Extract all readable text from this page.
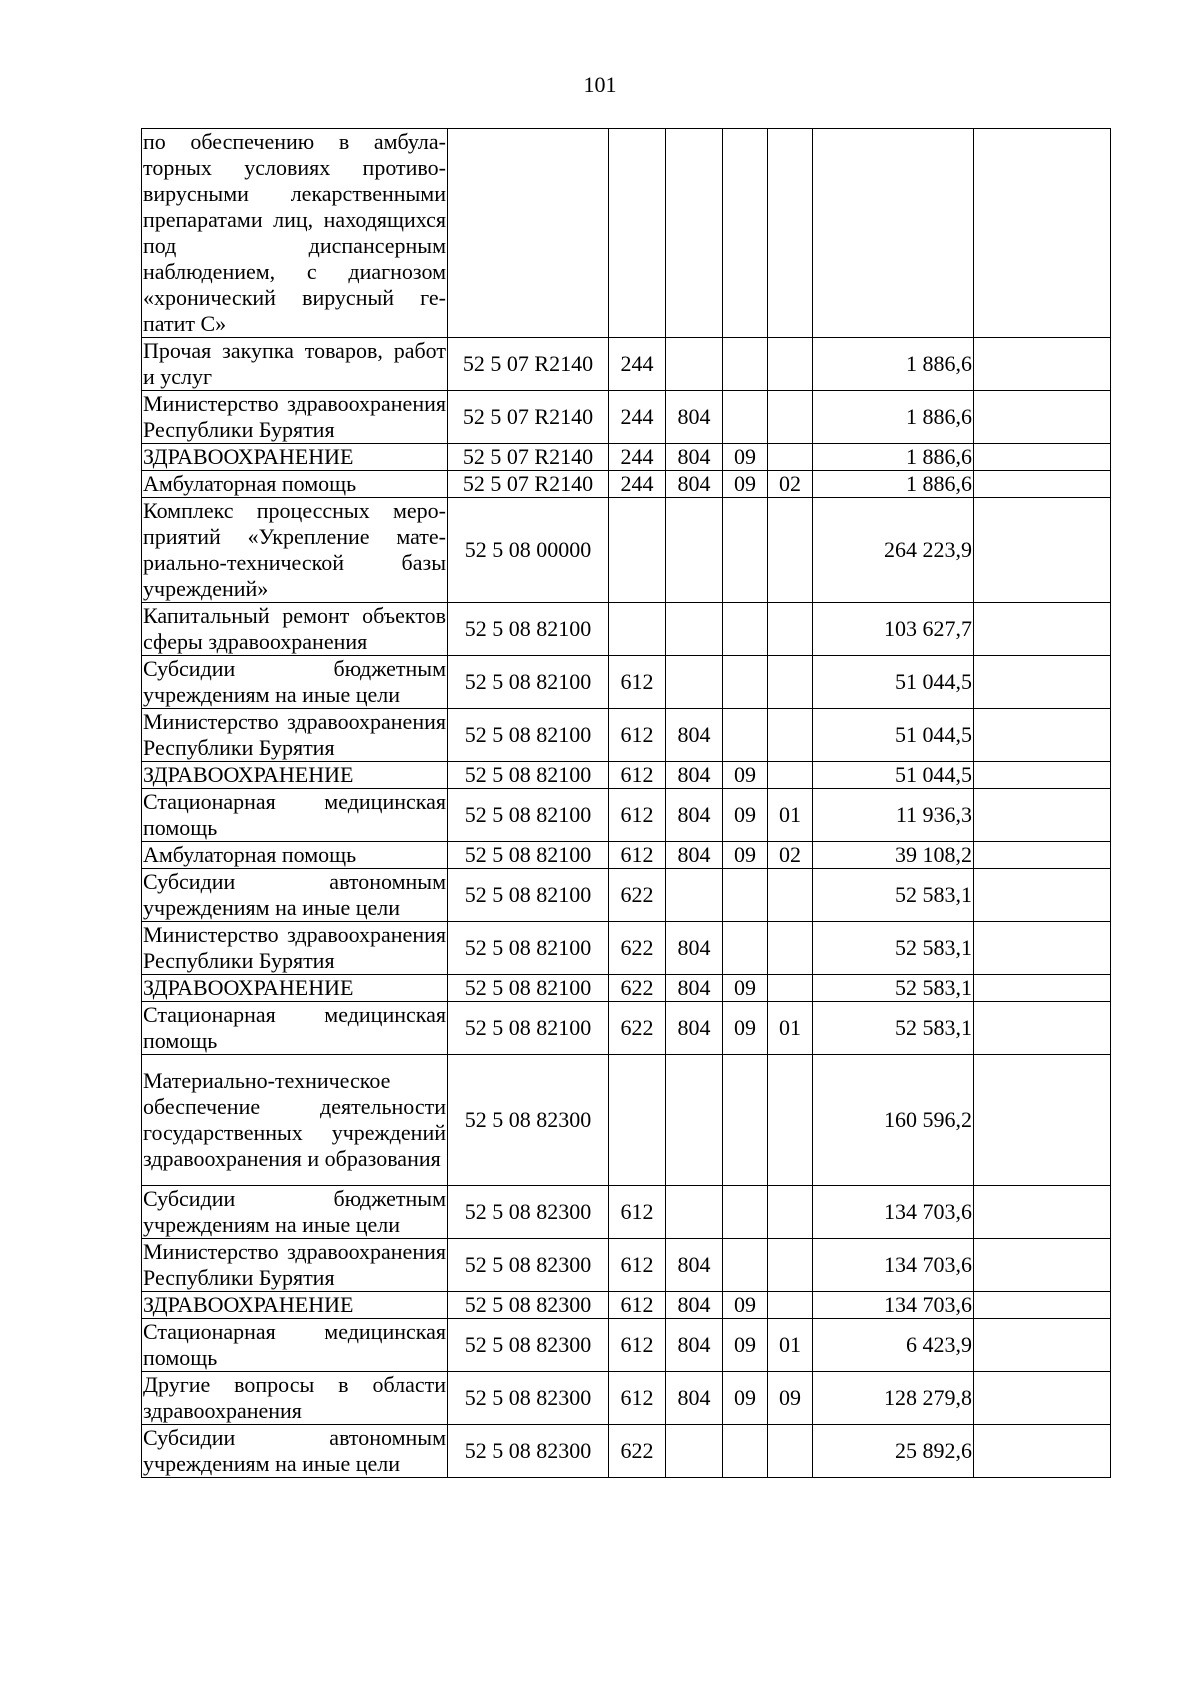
101
по обеспечению в амбулаторных условиях противовирусными лекарственными препаратами лиц, находящихся под диспансерным наблюдением, с диагнозом «хронический вирусный гепатит С»							
Прочая закупка товаров, работ и услуг	52 5 07 R2140	244				1 886,6	
Министерство здравоохранения Республики Бурятия	52 5 07 R2140	244	804			1 886,6	
ЗДРАВООХРАНЕНИЕ	52 5 07 R2140	244	804	09		1 886,6	
Амбулаторная помощь	52 5 07 R2140	244	804	09	02	1 886,6	
Комплекс процессных мероприятий «Укрепление материально-технической базы учреждений»	52 5 08 00000					264 223,9	
Капитальный ремонт объектов сферы здравоохранения	52 5 08 82100					103 627,7	
Субсидии бюджетным учреждениям на иные цели	52 5 08 82100	612				51 044,5	
Министерство здравоохранения Республики Бурятия	52 5 08 82100	612	804			51 044,5	
ЗДРАВООХРАНЕНИЕ	52 5 08 82100	612	804	09		51 044,5	
Стационарная медицинская помощь	52 5 08 82100	612	804	09	01	11 936,3	
Амбулаторная помощь	52 5 08 82100	612	804	09	02	39 108,2	
Субсидии автономным учреждениям на иные цели	52 5 08 82100	622				52 583,1	
Министерство здравоохранения Республики Бурятия	52 5 08 82100	622	804			52 583,1	
ЗДРАВООХРАНЕНИЕ	52 5 08 82100	622	804	09		52 583,1	
Стационарная медицинская помощь	52 5 08 82100	622	804	09	01	52 583,1	
Материально-техническое обеспечение деятельности государственных учреждений здравоохранения и образования	52 5 08 82300					160 596,2	
Субсидии бюджетным учреждениям на иные цели	52 5 08 82300	612				134 703,6	
Министерство здравоохранения Республики Бурятия	52 5 08 82300	612	804			134 703,6	
ЗДРАВООХРАНЕНИЕ	52 5 08 82300	612	804	09		134 703,6	
Стационарная медицинская помощь	52 5 08 82300	612	804	09	01	6 423,9	
Другие вопросы в области здравоохранения	52 5 08 82300	612	804	09	09	128 279,8	
Субсидии автономным учреждениям на иные цели	52 5 08 82300	622				25 892,6	
